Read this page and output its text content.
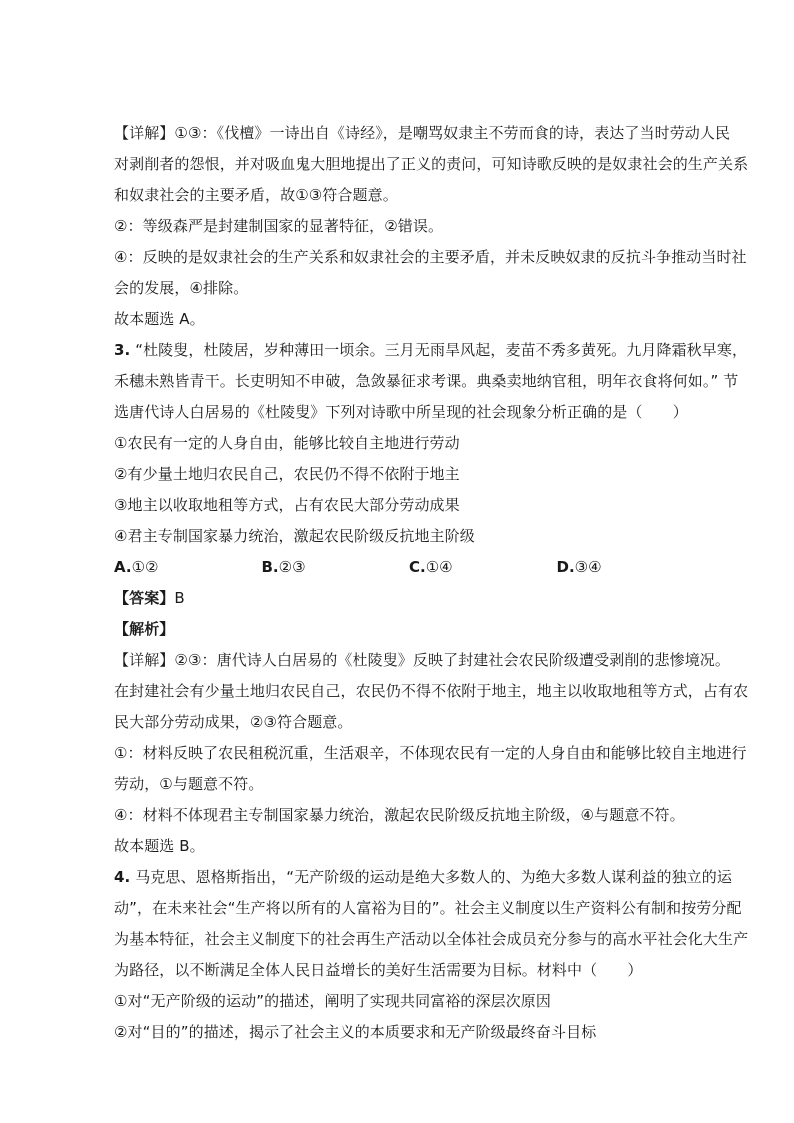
【详解】①③：《伐檀》一诗出自《诗经》，是嘲骂奴隶主不劳而食的诗，表达了当时劳动人民
对剥削者的怨恨，并对吸血鬼大胆地提出了正义的责问，可知诗歌反映的是奴隶社会的生产关系
和奴隶社会的主要矛盾，故①③符合题意。
②：等级森严是封建制国家的显著特征，②错误。
④：反映的是奴隶社会的生产关系和奴隶社会的主要矛盾，并未反映奴隶的反抗斗争推动当时社
会的发展，④排除。
故本题选 A。
3. “杜陵叟，杜陵居，岁种薄田一顷余。三月无雨旱风起，麦苗不秀多黄死。九月降霜秋早寒，
禾穗未熟皆青干。长吏明知不申破，急敛暴征求考课。典桑卖地纳官租，明年衣食将何如。” 节
选唐代诗人白居易的《杜陵叟》下列对诗歌中所呈现的社会现象分析正确的是（　　）
①农民有一定的人身自由，能够比较自主地进行劳动
②有少量土地归农民自己，农民仍不得不依附于地主
③地主以收取地租等方式，占有农民大部分劳动成果
④君主专制国家暴力统治，激起农民阶级反抗地主阶级
A.①②	B.②③	C.①④	D.③④
【答案】B
【解析】
【详解】②③：唐代诗人白居易的《杜陵叟》反映了封建社会农民阶级遭受剥削的悲惨境况。
在封建社会有少量土地归农民自己，农民仍不得不依附于地主，地主以收取地租等方式，占有农
民大部分劳动成果，②③符合题意。
①：材料反映了农民租税沉重，生活艰辛，不体现农民有一定的人身自由和能够比较自主地进行
劳动，①与题意不符。
④：材料不体现君主专制国家暴力统治，激起农民阶级反抗地主阶级，④与题意不符。
故本题选 B。
4. 马克思、恩格斯指出，“无产阶级的运动是绝大多数人的、为绝大多数人谋利益的独立的运
动”，在未来社会“生产将以所有的人富裕为目的”。社会主义制度以生产资料公有制和按劳分配
为基本特征，社会主义制度下的社会再生产活动以全体社会成员充分参与的高水平社会化大生产
为路径，以不断满足全体人民日益增长的美好生活需要为目标。材料中（　　）
①对“无产阶级的运动”的描述，阐明了实现共同富裕的深层次原因
②对“目的”的描述，揭示了社会主义的本质要求和无产阶级最终奋斗目标
